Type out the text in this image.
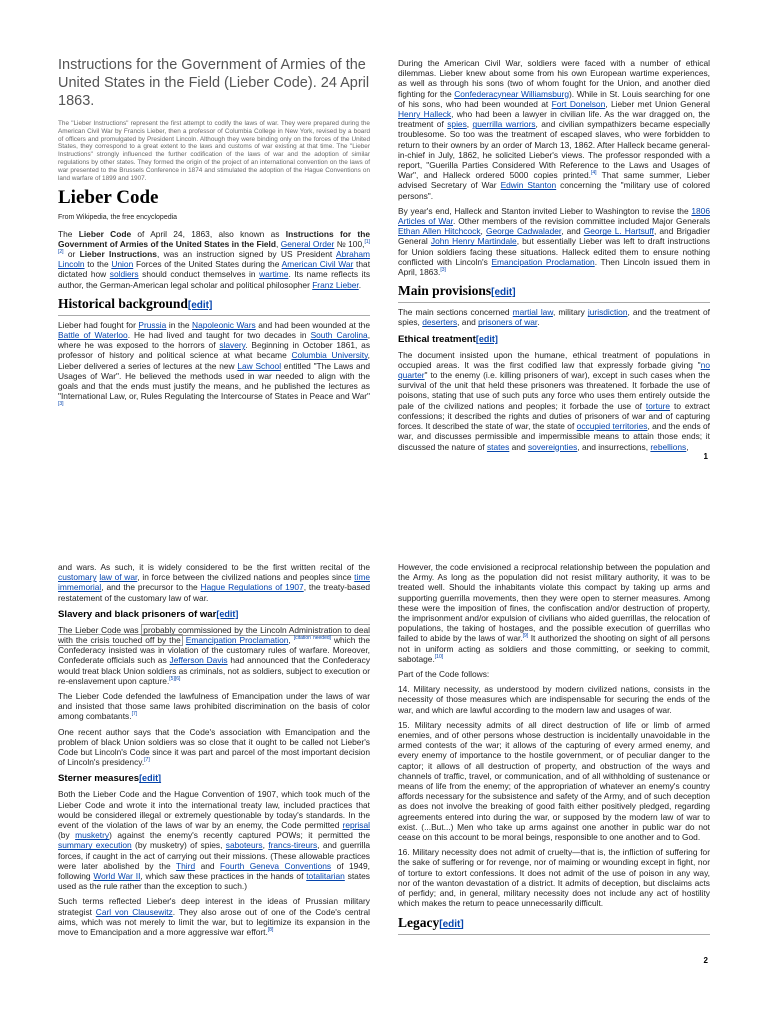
Instructions for the Government of Armies of the United States in the Field (Lieber Code). 24 April 1863.

The "Lieber Instructions" represent the first attempt to codify the laws of war. They were prepared during the American Civil War by Francis Lieber, then a professor of Columbia College in New York, revised by a board of officers and promulgated by President Lincoln. Although they were binding only on the forces of the United States, they correspond to a great extent to the laws and customs of war existing at that time. The "Lieber Instructions" strongly influenced the further codification of the laws of war and the adoption of similar regulations by other states. They formed the origin of the project of an international convention on the laws of war presented to the Brussels Conference in 1874 and stimulated the adoption of the Hague Conventions on land warfare of 1899 and 1907.

Lieber Code

From Wikipedia, the free encyclopedia

The Lieber Code of April 24, 1863, also known as Instructions for the Government of Armies of the United States in the Field, General Order № 100,[1][2] or Lieber Instructions, was an instruction signed by US President Abraham Lincoln to the Union Forces of the United States during the American Civil War that dictated how soldiers should conduct themselves in wartime. Its name reflects its author, the German-American legal scholar and political philosopher Franz Lieber.

Historical background[edit]

Lieber had fought for Prussia in the Napoleonic Wars and had been wounded at the Battle of Waterloo. He had lived and taught for two decades in South Carolina, where he was exposed to the horrors of slavery. Beginning in October 1861, as professor of history and political science at what became Columbia University, Lieber delivered a series of lectures at the new Law School entitled "The Laws and Usages of War". He believed the methods used in war needed to align with the goals and that the ends must justify the means, and he published the lectures as "International Law, or, Rules Regulating the Intercourse of States in Peace and War"[3]

During the American Civil War, soldiers were faced with a number of ethical dilemmas. Lieber knew about some from his own European wartime experiences, as well as through his sons (two of whom fought for the Union, and another died fighting for the Confederacynear Williamsburg). While in St. Louis searching for one of his sons, who had been wounded at Fort Donelson, Lieber met Union General Henry Halleck, who had been a lawyer in civilian life. As the war dragged on, the treatment of spies, guerrilla warriors, and civilian sympathizers became especially troublesome. So too was the treatment of escaped slaves, who were forbidden to return to their owners by an order of March 13, 1862. After Halleck became general-in-chief in July, 1862, he solicited Lieber's views. The professor responded with a report, "Guerilla Parties Considered With Reference to the Laws and Usages of War", and Halleck ordered 5000 copies printed.[4] That same summer, Lieber advised Secretary of War Edwin Stanton concerning the "military use of colored persons".

By year's end, Halleck and Stanton invited Lieber to Washington to revise the 1806 Articles of War. Other members of the revision committee included Major Generals Ethan Allen Hitchcock, George Cadwalader, and George L. Hartsuff, and Brigadier General John Henry Martindale, but essentially Lieber was left to draft instructions for Union soldiers facing these situations. Halleck edited them to ensure nothing conflicted with Lincoln's Emancipation Proclamation. Then Lincoln issued them in April, 1863.[3]

Main provisions[edit]

The main sections concerned martial law, military jurisdiction, and the treatment of spies, deserters, and prisoners of war.

Ethical treatment[edit]

The document insisted upon the humane, ethical treatment of populations in occupied areas. It was the first codified law that expressly forbade giving "no quarter" to the enemy (i.e. killing prisoners of war), except in such cases when the survival of the unit that held these prisoners was threatened. It forbade the use of poisons, stating that use of such puts any force who uses them entirely outside the pale of the civilized nations and peoples; it forbade the use of torture to extract confessions; it described the rights and duties of prisoners of war and of capturing forces. It described the state of war, the state of occupied territories, and the ends of war, and discusses permissible and impermissible means to attain those ends; it discussed the nature of states and sovereignties, and insurrections, rebellions,

1

and wars. As such, it is widely considered to be the first written recital of the customary law of war, in force between the civilized nations and peoples since time immemorial, and the precursor to the Hague Regulations of 1907, the treaty-based restatement of the customary law of war.

Slavery and black prisoners of war[edit]

The Lieber Code was probably commissioned by the Lincoln Administration to deal with the crisis touched off by the Emancipation Proclamation, [citation needed] which the Confederacy insisted was in violation of the customary rules of warfare. Moreover, Confederate officials such as Jefferson Davis had announced that the Confederacy would treat black Union soldiers as criminals, not as soldiers, subject to execution or re-enslavement upon capture.[5][6]

The Lieber Code defended the lawfulness of Emancipation under the laws of war and insisted that those same laws prohibited discrimination on the basis of color among combatants.[7]

One recent author says that the Code's association with Emancipation and the problem of black Union soldiers was so close that it ought to be called not Lieber's Code but Lincoln's Code since it was part and parcel of the most important decision of Lincoln's presidency.[7]

Sterner measures[edit]

Both the Lieber Code and the Hague Convention of 1907, which took much of the Lieber Code and wrote it into the international treaty law, included practices that would be considered illegal or extremely questionable by today's standards. In the event of the violation of the laws of war by an enemy, the Code permitted reprisal (by musketry) against the enemy's recently captured POWs; it permitted the summary execution (by musketry) of spies, saboteurs, francs-tireurs, and guerrilla forces, if caught in the act of carrying out their missions. (These allowable practices were later abolished by the Third and Fourth Geneva Conventions of 1949, following World War II, which saw these practices in the hands of totalitarian states used as the rule rather than the exception to such.)

Such terms reflected Lieber's deep interest in the ideas of Prussian military strategist Carl von Clausewitz. They also arose out of one of the Code's central aims, which was not merely to limit the war, but to legitimize its expansion in the move to Emancipation and a more aggressive war effort.[8]

However, the code envisioned a reciprocal relationship between the population and the Army. As long as the population did not resist military authority, it was to be treated well. Should the inhabitants violate this compact by taking up arms and supporting guerrilla movements, then they were open to sterner measures. Among these were the imposition of fines, the confiscation and/or destruction of property, the imprisonment and/or expulsion of civilians who aided guerrillas, the relocation of populations, the taking of hostages, and the possible execution of guerrillas who failed to abide by the laws of war.[9] It authorized the shooting on sight of all persons not in uniform acting as soldiers and those committing, or seeking to commit, sabotage.[10]

Part of the Code follows:

14. Military necessity, as understood by modern civilized nations, consists in the necessity of those measures which are indispensable for securing the ends of the war, and which are lawful according to the modern law and usages of war.

15. Military necessity admits of all direct destruction of life or limb of armed enemies, and of other persons whose destruction is incidentally unavoidable in the armed contests of the war; it allows of the capturing of every armed enemy, and every enemy of importance to the hostile government, or of peculiar danger to the captor; it allows of all destruction of property, and obstruction of the ways and channels of traffic, travel, or communication, and of all withholding of sustenance or means of life from the enemy; of the appropriation of whatever an enemy's country affords necessary for the subsistence and safety of the Army, and of such deception as does not involve the breaking of good faith either positively pledged, regarding agreements entered into during the war, or supposed by the modern law of war to exist. (...But...) Men who take up arms against one another in public war do not cease on this account to be moral beings, responsible to one another and to God.

16. Military necessity does not admit of cruelty—that is, the infliction of suffering for the sake of suffering or for revenge, nor of maiming or wounding except in fight, nor of torture to extort confessions. It does not admit of the use of poison in any way, nor of the wanton devastation of a district. It admits of deception, but disclaims acts of perfidy; and, in general, military necessity does not include any act of hostility which makes the return to peace unnecessarily difficult.

Legacy[edit]
2
